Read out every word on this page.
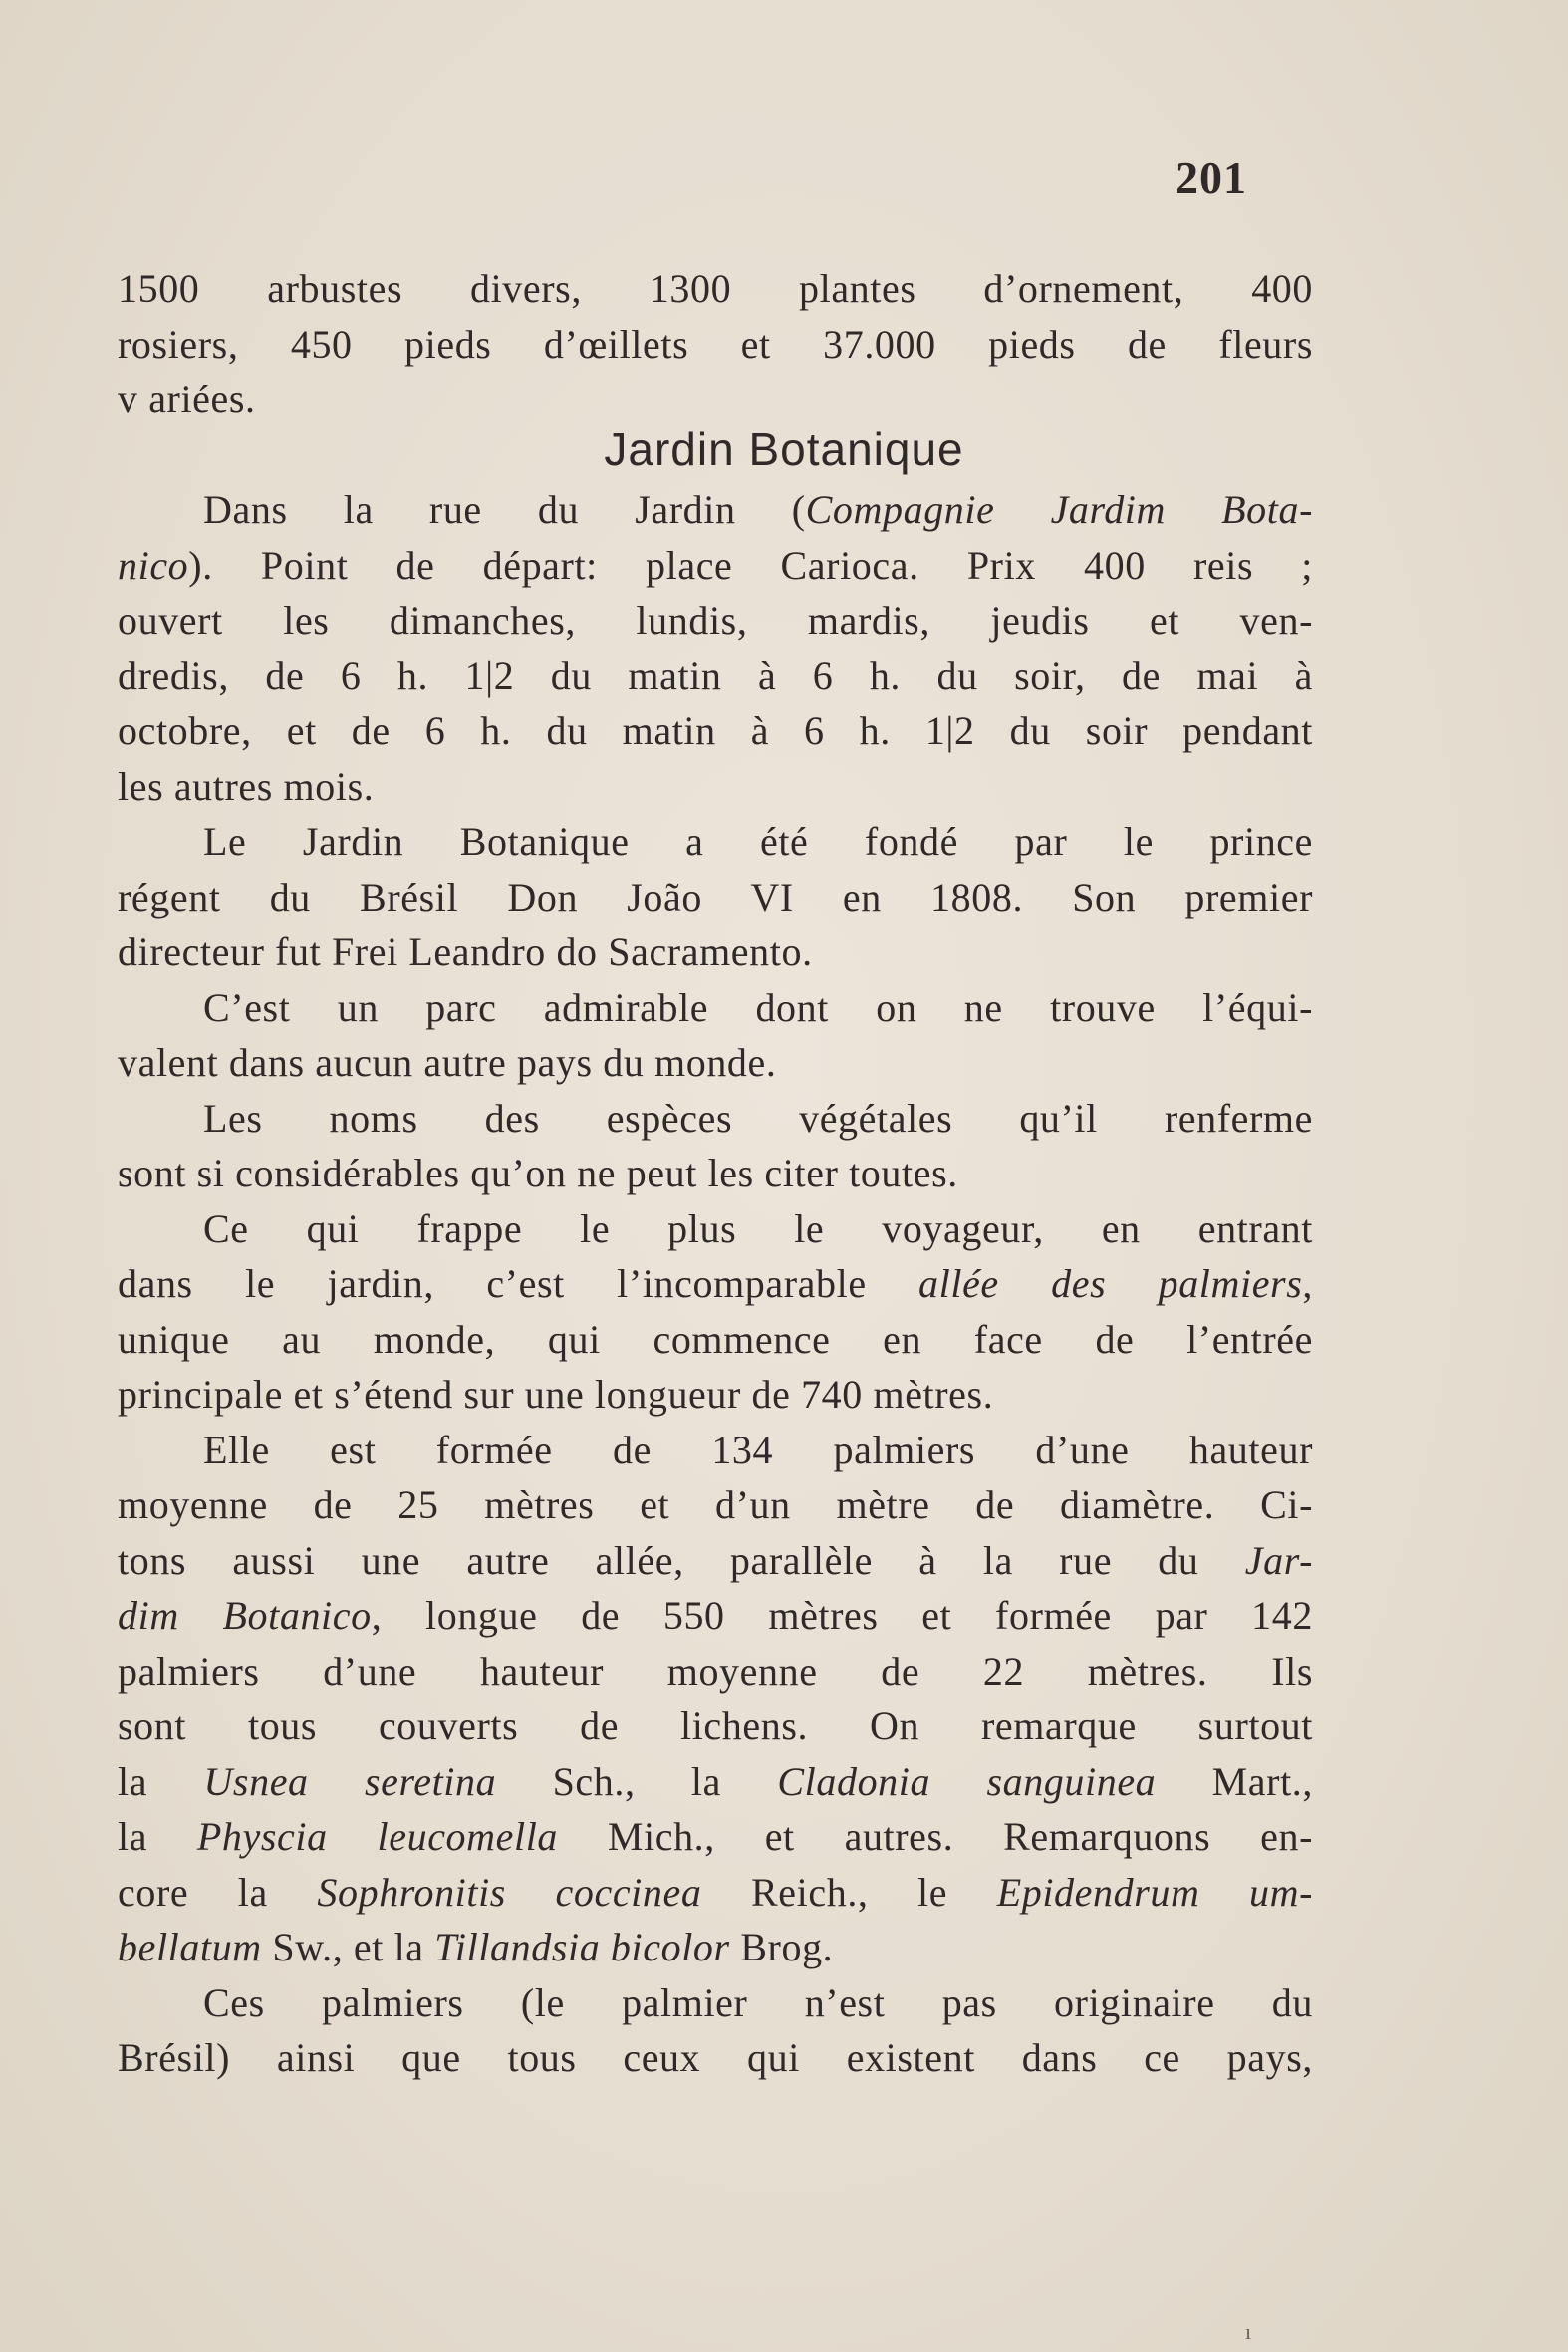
201
Jardin Botanique
1500 arbustes divers, 1300 plantes d’ornement, 400
rosiers, 450 pieds d’œillets et 37.000 pieds de fleurs
v ariées.
Dans la rue du Jardin (Compagnie Jardim Bota-
nico). Point de départ: place Carioca. Prix 400 reis ;
ouvert les dimanches, lundis, mardis, jeudis et ven-
dredis, de 6 h. 1|2 du matin à 6 h. du soir, de mai à
octobre, et de 6 h. du matin à 6 h. 1|2 du soir pendant
les autres mois.
Le Jardin Botanique a été fondé par le prince
régent du Brésil Don João VI en 1808. Son premier
directeur fut Frei Leandro do Sacramento.
C’est un parc admirable dont on ne trouve l’équi-
valent dans aucun autre pays du monde.
Les noms des espèces végétales qu’il renferme
sont si considérables qu’on ne peut les citer toutes.
Ce qui frappe le plus le voyageur, en entrant
dans le jardin, c’est l’incomparable allée des palmiers,
unique au monde, qui commence en face de l’entrée
principale et s’étend sur une longueur de 740 mètres.
Elle est formée de 134 palmiers d’une hauteur
moyenne de 25 mètres et d’un mètre de diamètre. Ci-
tons aussi une autre allée, parallèle à la rue du Jar-
dim Botanico, longue de 550 mètres et formée par 142
palmiers d’une hauteur moyenne de 22 mètres. Ils
sont tous couverts de lichens. On remarque surtout
la Usnea seretina Sch., la Cladonia sanguinea Mart.,
la Physcia leucomella Mich., et autres. Remarquons en-
core la Sophronitis coccinea Reich., le Epidendrum um-
bellatum Sw., et la Tillandsia bicolor Brog.
Ces palmiers (le palmier n’est pas originaire du
Brésil) ainsi que tous ceux qui existent dans ce pays,
ı
